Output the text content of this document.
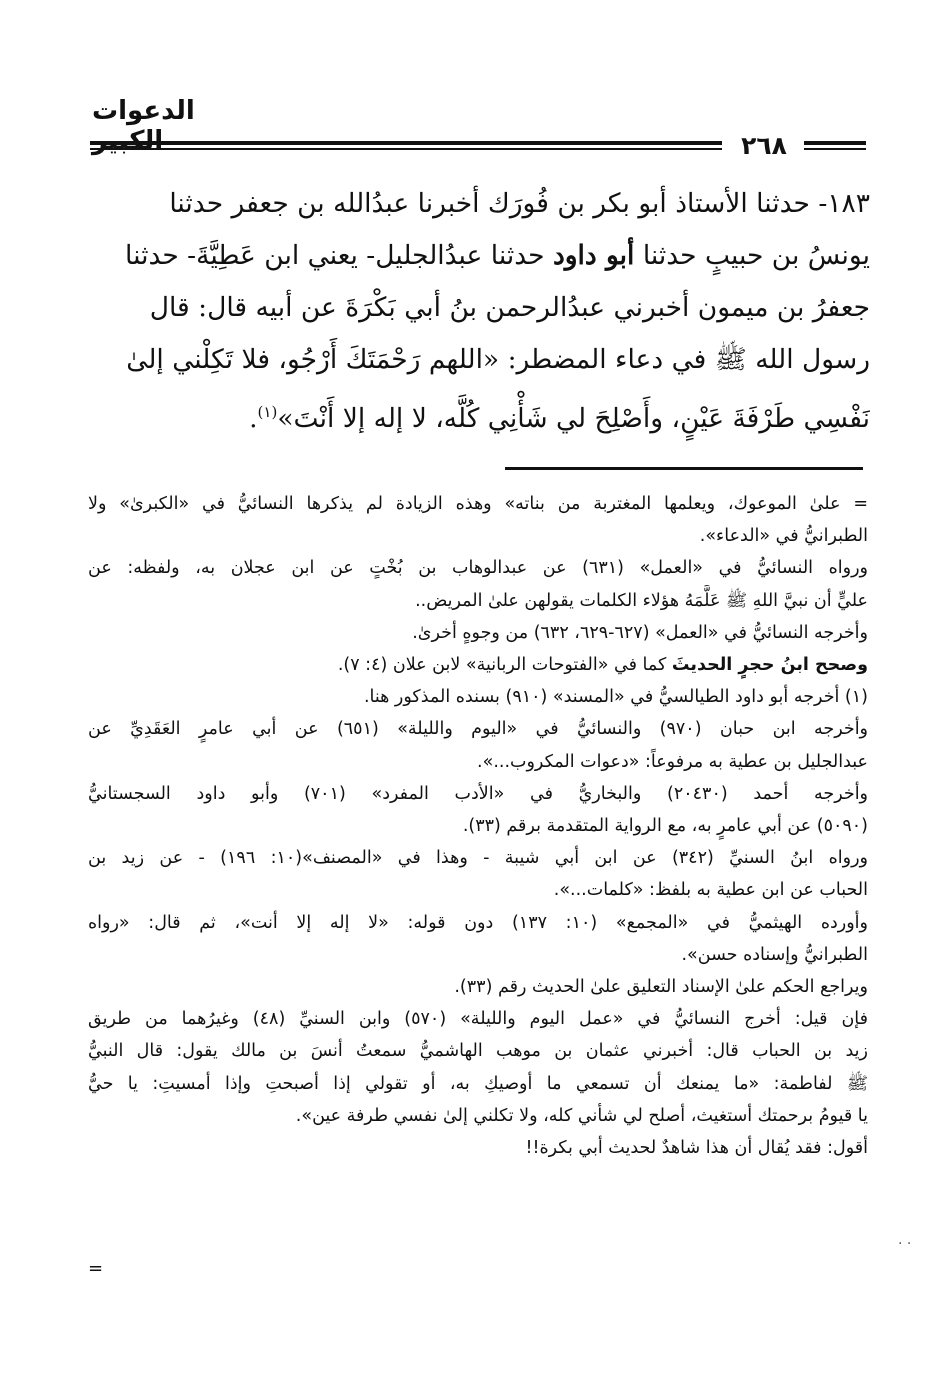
الدعوات
٢٦٨
١٨٣- حدثنا الأستاذ أبو بكر بن فُورَك أخبرنا عبدُالله بن جعفر حدثنا
يونسُ بن حبيبٍ حدثنا أبو داود حدثنا عبدُالجليل- يعني ابن عَطِيَّةَ- حدثنا
جعفرُ بن ميمون أخبرني عبدُالرحمن بنُ أبي بَكْرَةَ عن أبيه قال: قال
رسول الله ﷺ في دعاء المضطر: «اللهم رَحْمَتَكَ أَرْجُو، فلا تَكِلْني إلىٰ
نَفْسِي طَرْفَةَ عَيْنٍ، وأَصْلِحَ لي شَأْنِي كُلَّه، لا إله إلا أَنْتَ»$^{(١)}$.
= علىٰ الموعوك، ويعلمها المغتربة من بناته» وهذه الزيادة لم يذكرها النسائيُّ في «الكبرىٰ» ولا
الطبرانيُّ في «الدعاء».
ورواه النسائيُّ في «العمل» (٦٣١) عن عبدالوهاب بن بُخْتٍ عن ابن عجلان به، ولفظه: عن
عليٍّ أن نبيَّ اللهِ ﷺ عَلَّمَهُ هؤلاء الكلمات يقولهن علىٰ المريض..
وأخرجه النسائيُّ في «العمل» (٦٢٧-٦٢٩، ٦٣٢) من وجوهٍ أخرىٰ.
وصحح ابنُ حجرٍ الحديثَ كما في «الفتوحات الربانية» لابن علان (٤: ٧).
(١) أخرجه أبو داود الطيالسيُّ في «المسند» (٩١٠) بسنده المذكور هنا.
وأخرجه ابن حبان (٩٧٠) والنسائيُّ في «اليوم والليلة» (٦٥١) عن أبي عامرٍ العَقَدِيِّ عن
عبدالجليل بن عطية به مرفوعاً: «دعوات المكروب...».
وأخرجه أحمد (٢٠٤٣٠) والبخاريُّ في «الأدب المفرد» (٧٠١) وأبو داود السجستانيُّ
(٥٠٩٠) عن أبي عامرٍ به، مع الرواية المتقدمة برقم (٣٣).
ورواه ابنُ السنيِّ (٣٤٢) عن ابن أبي شيبة - وهذا في «المصنف»(١٠: ١٩٦) - عن زيد بن
الحباب عن ابن عطية به بلفظ: «كلمات...».
وأورده الهيثميُّ في «المجمع» (١٠: ١٣٧) دون قوله: «لا إله إلا أنت»، ثم قال: «رواه
الطبرانيُّ وإسناده حسن».
ويراجع الحكم علىٰ الإسناد التعليق علىٰ الحديث رقم (٣٣).
فإن قيل: أخرج النسائيُّ في «عمل اليوم والليلة» (٥٧٠) وابن السنيِّ (٤٨) وغيرُهما من طريق
زيد بن الحباب قال: أخبرني عثمان بن موهب الهاشميُّ سمعتُ أنسَ بن مالك يقول: قال النبيُّ
ﷺ لفاطمة: «ما يمنعك أن تسمعي ما أوصيكِ به، أو تقولي إذا أصبحتِ وإذا أمسيتِ: يا حيُّ
يا قيومُ برحمتك أستغيث، أصلح لي شأني كله، ولا تكلني إلىٰ نفسي طرفة عين».
أقول: فقد يُقال أن هذا شاهدٌ لحديث أبي بكرة!!
=
. .
